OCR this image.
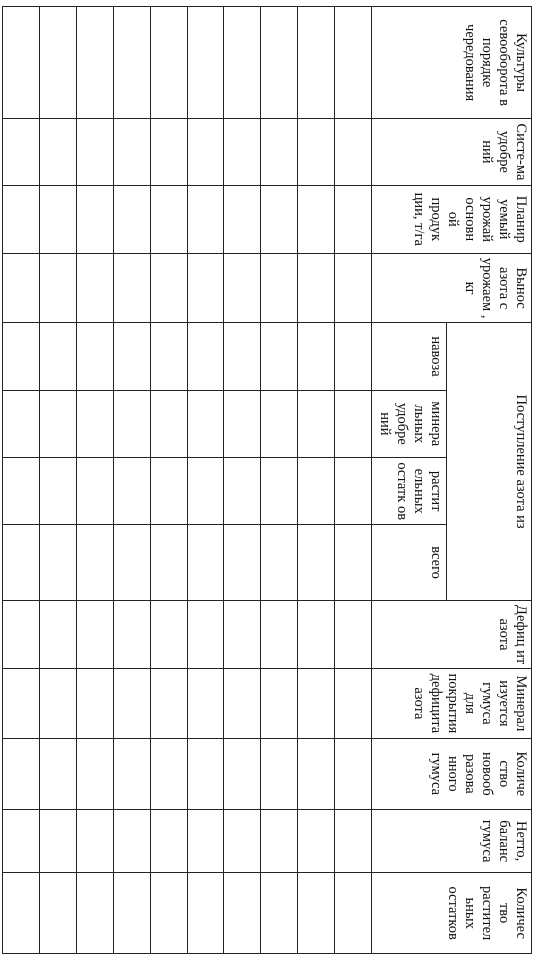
Культуры севооборота в порядке чередования	Систе-ма удобре ний	Планир уемый урожай основн ой продук ции, т/га	Вынос азота с урожаем , кг	Поступление азота из				Дефиц ит азота	Минерал изуется гумуса для покрытия дефицита азота	Количе ство новооб разова нного гумуса	Нетто, баланс гумуса	Количес тво растител ьных остатков
				навоза	минера льных удобре ний	растит ельных остатк ов	всего					
